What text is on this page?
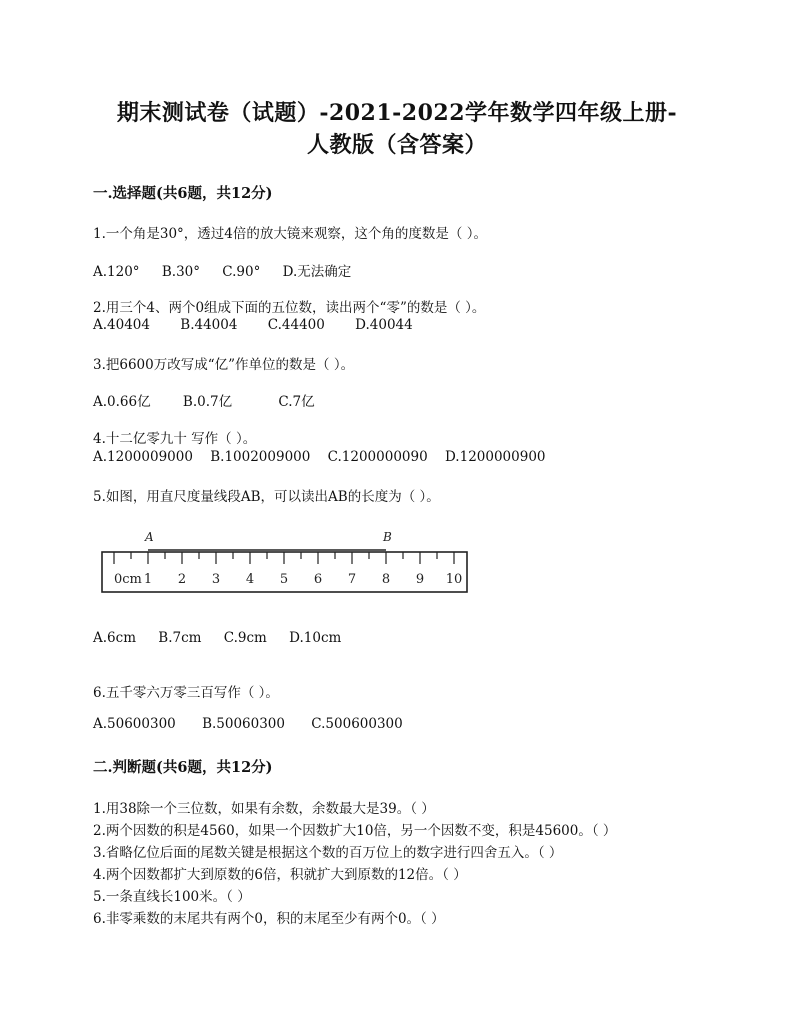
期末测试卷（试题）-2021-2022学年数学四年级上册-
人教版（含答案）
一.选择题(共6题，共12分)
1.一个角是30°，透过4倍的放大镜来观察，这个角的度数是（ ）。
A.120° B.30° C.90° D.无法确定
2.用三个4、两个0组成下面的五位数，读出两个“零”的数是（ ）。
A.40404 B.44004 C.44400 D.40044
3.把6600万改写成“亿”作单位的数是（ ）。
A.0.66亿 B.0.7亿	C.7亿
4.十二亿零九十 写作（ ）。
A.1200009000 B.1002009000 C.1200000090 D.1200000900
5.如图，用直尺度量线段AB，可以读出AB的长度为（ ）。
1 2 3 4 5 6 7 8 9 10
0cm
A	B
A.6cm B.7cm C.9cm D.10cm
6.五千零六万零三百写作（ ）。
A.50600300 B.50060300 C.500600300
二.判断题(共6题，共12分)
1.用38除一个三位数，如果有余数，余数最大是39。（ ）
2.两个因数的积是4560，如果一个因数扩大10倍，另一个因数不变，积是45600。（ ）
3.省略亿位后面的尾数关键是根据这个数的百万位上的数字进行四舍五入。（ ）
4.两个因数都扩大到原数的6倍，积就扩大到原数的12倍。（ ）
5.一条直线长100米。（ ）
6.非零乘数的末尾共有两个0，积的末尾至少有两个0。（ ）
